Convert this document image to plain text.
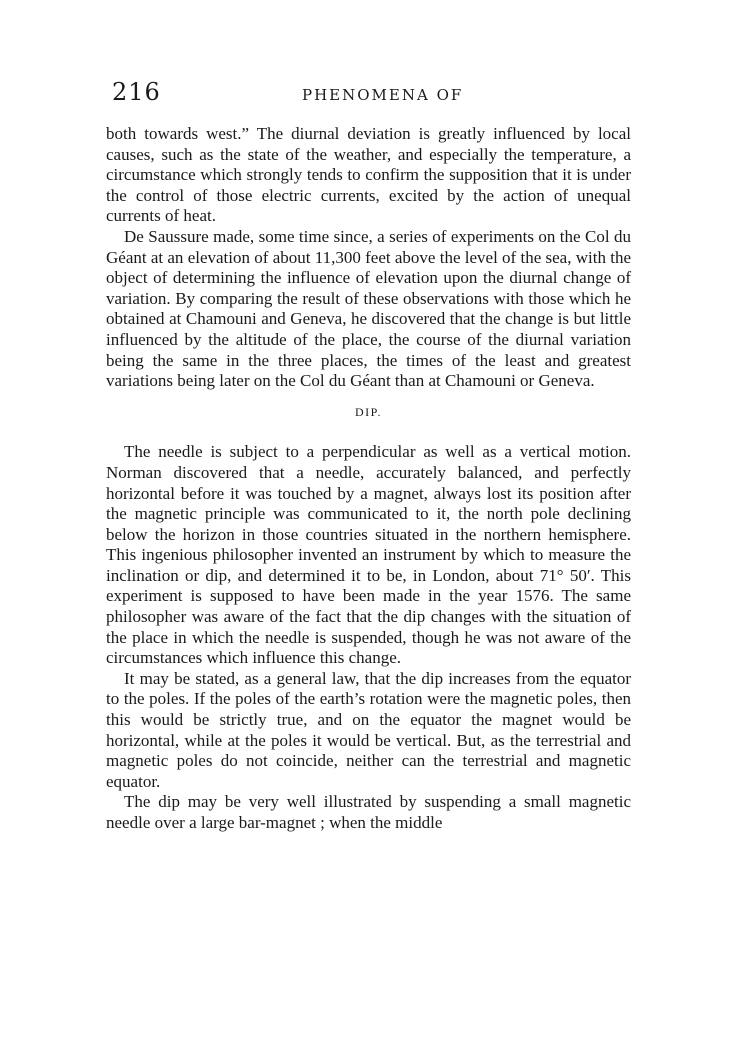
216	PHENOMENA OF

both towards west.” The diurnal deviation is greatly influenced by local causes, such as the state of the weather, and especially the temperature, a circumstance which strongly tends to confirm the supposition that it is under the control of those electric currents, excited by the action of unequal currents of heat.

De Saussure made, some time since, a series of experiments on the Col du Géant at an elevation of about 11,300 feet above the level of the sea, with the object of determining the influence of elevation upon the diurnal change of variation. By comparing the result of these observations with those which he obtained at Chamouni and Geneva, he discovered that the change is but little influenced by the altitude of the place, the course of the diurnal variation being the same in the three places, the times of the least and greatest variations being later on the Col du Géant than at Chamouni or Geneva.

DIP.

The needle is subject to a perpendicular as well as a vertical motion. Norman discovered that a needle, accurately balanced, and perfectly horizontal before it was touched by a magnet, always lost its position after the magnetic principle was communicated to it, the north pole declining below the horizon in those countries situated in the northern hemisphere. This ingenious philosopher invented an instrument by which to measure the inclination or dip, and determined it to be, in London, about 71° 50′. This experiment is supposed to have been made in the year 1576. The same philosopher was aware of the fact that the dip changes with the situation of the place in which the needle is suspended, though he was not aware of the circumstances which influence this change.

It may be stated, as a general law, that the dip increases from the equator to the poles. If the poles of the earth’s rotation were the magnetic poles, then this would be strictly true, and on the equator the magnet would be horizontal, while at the poles it would be vertical. But, as the terrestrial and magnetic poles do not coincide, neither can the terrestrial and magnetic equator.

The dip may be very well illustrated by suspending a small magnetic needle over a large bar-magnet ; when the middle
